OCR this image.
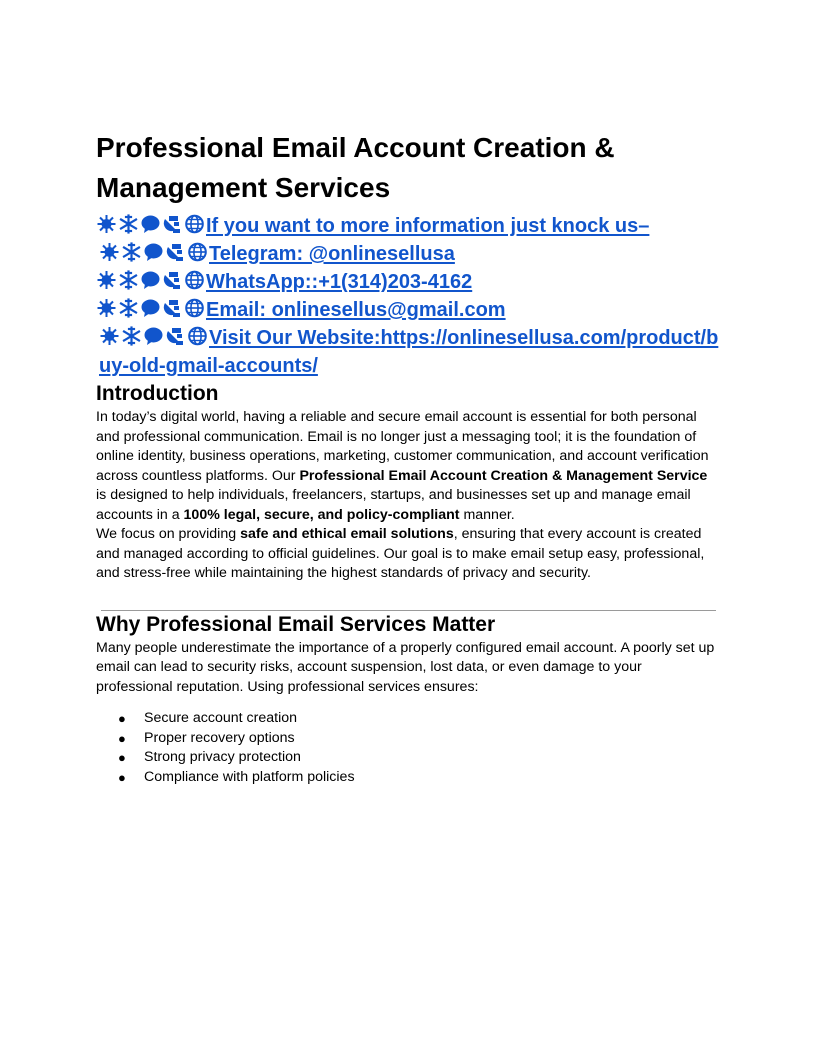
Professional Email Account Creation & Management Services
If you want to more information just knock us–
Telegram: @onlinesellusa
WhatsApp::+1(314)203-4162
Email: onlinesellus@gmail.com
Visit Our Website:https://onlinesellusa.com/product/buy-old-gmail-accounts/
Introduction

In today’s digital world, having a reliable and secure email account is essential for both personal and professional communication. Email is no longer just a messaging tool; it is the foundation of online identity, business operations, marketing, customer communication, and account verification across countless platforms. Our Professional Email Account Creation & Management Service is designed to help individuals, freelancers, startups, and businesses set up and manage email accounts in a 100% legal, secure, and policy-compliant manner.

We focus on providing safe and ethical email solutions, ensuring that every account is created and managed according to official guidelines. Our goal is to make email setup easy, professional, and stress-free while maintaining the highest standards of privacy and security.

Why Professional Email Services Matter

Many people underestimate the importance of a properly configured email account. A poorly set up email can lead to security risks, account suspension, lost data, or even damage to your professional reputation. Using professional services ensures:

● Secure account creation
● Proper recovery options
● Strong privacy protection
● Compliance with platform policies
